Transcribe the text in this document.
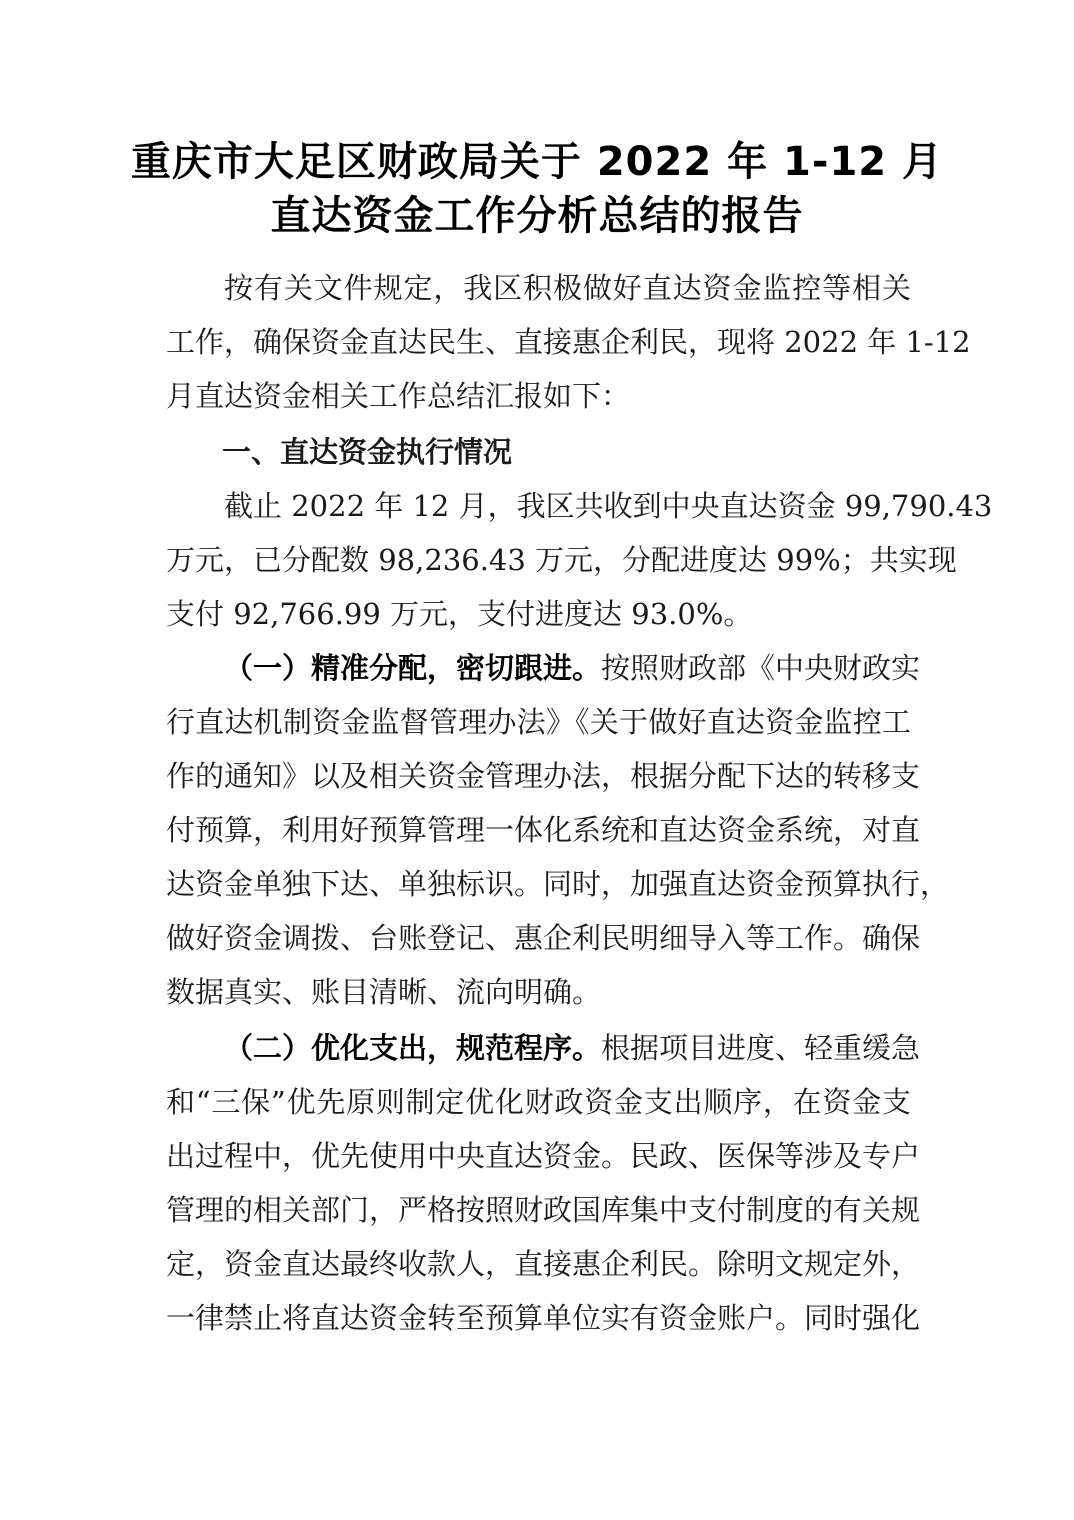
重庆市大足区财政局关于 2022 年 1-12 月
直达资金工作分析总结的报告
按有关文件规定，我区积极做好直达资金监控等相关
工作，确保资金直达民生、直接惠企利民，现将 2022 年 1-12
月直达资金相关工作总结汇报如下：
一、直达资金执行情况
截止 2022 年 12 月，我区共收到中央直达资金 99,790.43
万元，已分配数 98,236.43 万元，分配进度达 99%；共实现
支付 92,766.99 万元，支付进度达 93.0%。
（一）精准分配，密切跟进。按照财政部《中央财政实
行直达机制资金监督管理办法》《关于做好直达资金监控工
作的通知》以及相关资金管理办法，根据分配下达的转移支
付预算，利用好预算管理一体化系统和直达资金系统，对直
达资金单独下达、单独标识。同时，加强直达资金预算执行，
做好资金调拨、台账登记、惠企利民明细导入等工作。确保
数据真实、账目清晰、流向明确。
（二）优化支出，规范程序。根据项目进度、轻重缓急
和“三保”优先原则制定优化财政资金支出顺序，在资金支
出过程中，优先使用中央直达资金。民政、医保等涉及专户
管理的相关部门，严格按照财政国库集中支付制度的有关规
定，资金直达最终收款人，直接惠企利民。除明文规定外，
一律禁止将直达资金转至预算单位实有资金账户。同时强化
